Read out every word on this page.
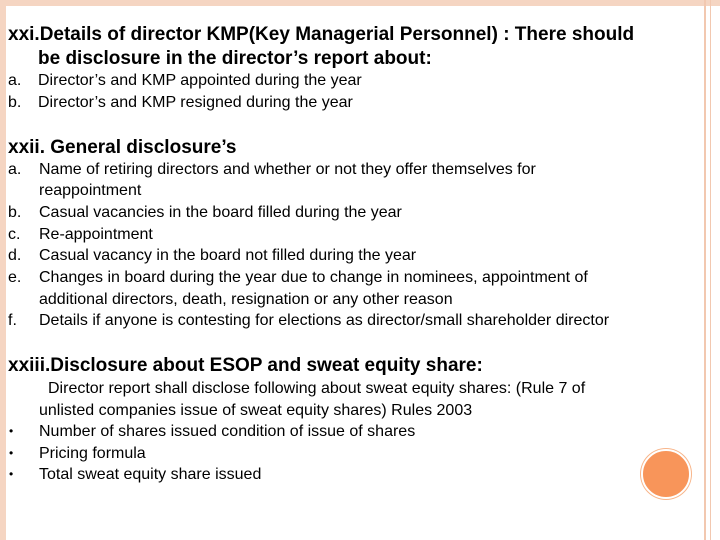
xxi.Details of director KMP(Key Managerial Personnel) : There should
be disclosure in the director’s report about:
a. Director’s and KMP appointed during the year
b. Director’s and KMP resigned during the year
xxii. General disclosure’s
a. Name of retiring directors and whether or not they offer themselves for
reappointment
b. Casual vacancies in the board filled during the year
c. Re-appointment
d. Casual vacancy in the board not filled during the year
e. Changes in board during the year due to change in nominees, appointment of
additional directors, death, resignation or any other reason
f. Details if anyone is contesting for elections as director/small shareholder director
xxiii.Disclosure about ESOP and sweat equity share:
Director report shall disclose following about sweat equity shares: (Rule 7 of
unlisted companies issue of sweat equity shares) Rules 2003
• Number of shares issued condition of issue of shares
• Pricing formula
• Total sweat equity share issued
